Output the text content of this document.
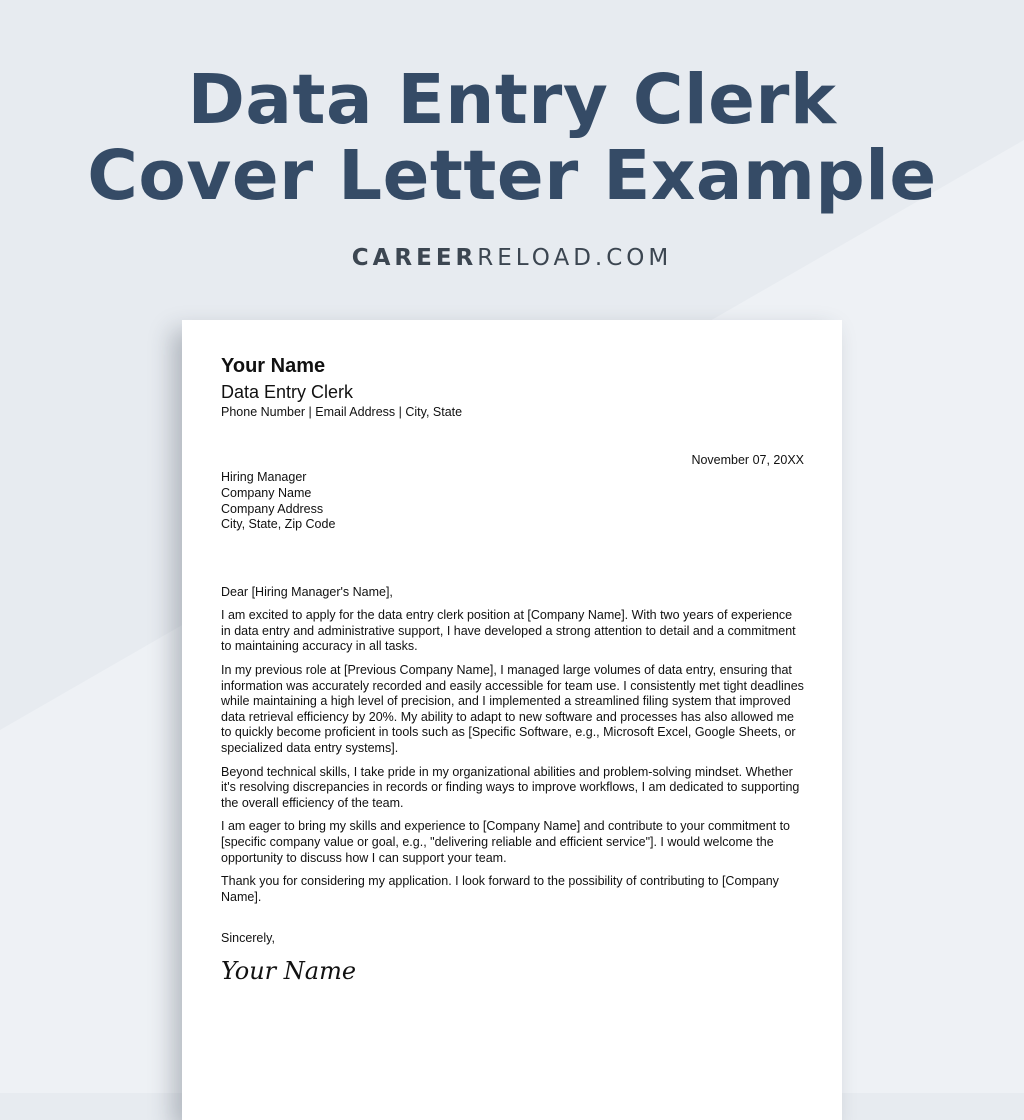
Data Entry Clerk
Cover Letter Example
CAREERRELOAD.COM
Your Name
Data Entry Clerk
Phone Number | Email Address | City, State
November 07, 20XX
Hiring Manager
Company Name
Company Address
City, State, Zip Code
Dear [Hiring Manager's Name],
I am excited to apply for the data entry clerk position at [Company Name]. With two years of experience in data entry and administrative support, I have developed a strong attention to detail and a commitment to maintaining accuracy in all tasks.
In my previous role at [Previous Company Name], I managed large volumes of data entry, ensuring that information was accurately recorded and easily accessible for team use. I consistently met tight deadlines while maintaining a high level of precision, and I implemented a streamlined filing system that improved data retrieval efficiency by 20%. My ability to adapt to new software and processes has also allowed me to quickly become proficient in tools such as [Specific Software, e.g., Microsoft Excel, Google Sheets, or specialized data entry systems].
Beyond technical skills, I take pride in my organizational abilities and problem-solving mindset. Whether it's resolving discrepancies in records or finding ways to improve workflows, I am dedicated to supporting the overall efficiency of the team.
I am eager to bring my skills and experience to [Company Name] and contribute to your commitment to [specific company value or goal, e.g., "delivering reliable and efficient service"]. I would welcome the opportunity to discuss how I can support your team.
Thank you for considering my application. I look forward to the possibility of contributing to [Company Name].
Sincerely,
Your Name
